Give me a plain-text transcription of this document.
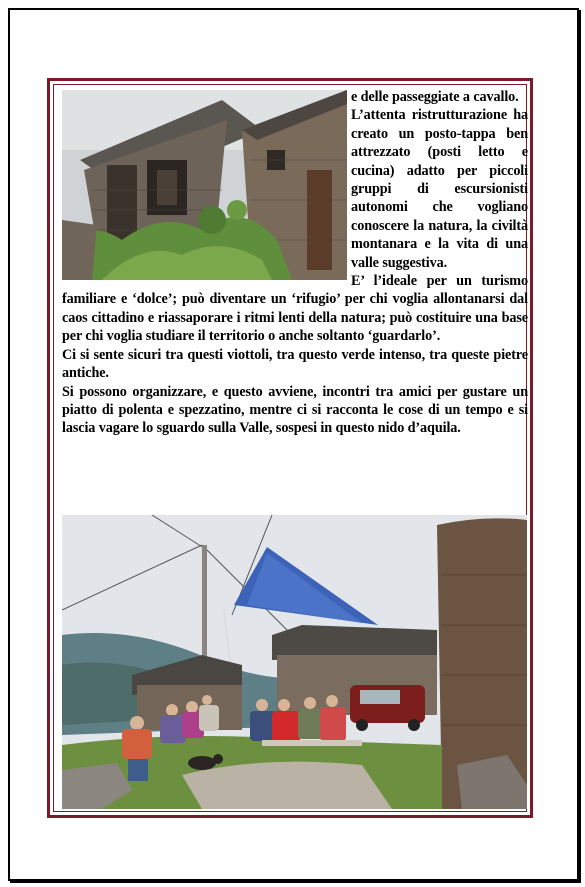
e delle passeggiate a cavallo.

L’attenta ristrutturazione ha creato un posto-tappa ben attrezzato (posti letto e cucina) adatto per piccoli gruppi di escursionisti autonomi che vogliano conoscere la natura, la civiltà montanara e la vita di una valle suggestiva.

E’ l’ideale per un turismo familiare e ‘dolce’; può diventare un ‘rifugio’ per chi voglia allontanarsi dal caos cittadino e riassaporare i ritmi lenti della natura; può costituire una base per chi voglia studiare il territorio o anche soltanto ‘guardarlo’.

Ci si sente sicuri tra questi viottoli, tra questo verde intenso, tra queste pietre antiche.

Si possono organizzare, e questo avviene, incontri tra amici per gustare un piatto di polenta e spezzatino, mentre ci si racconta le cose di un tempo e si lascia vagare lo sguardo sulla Valle, sospesi in questo nido d’aquila.
